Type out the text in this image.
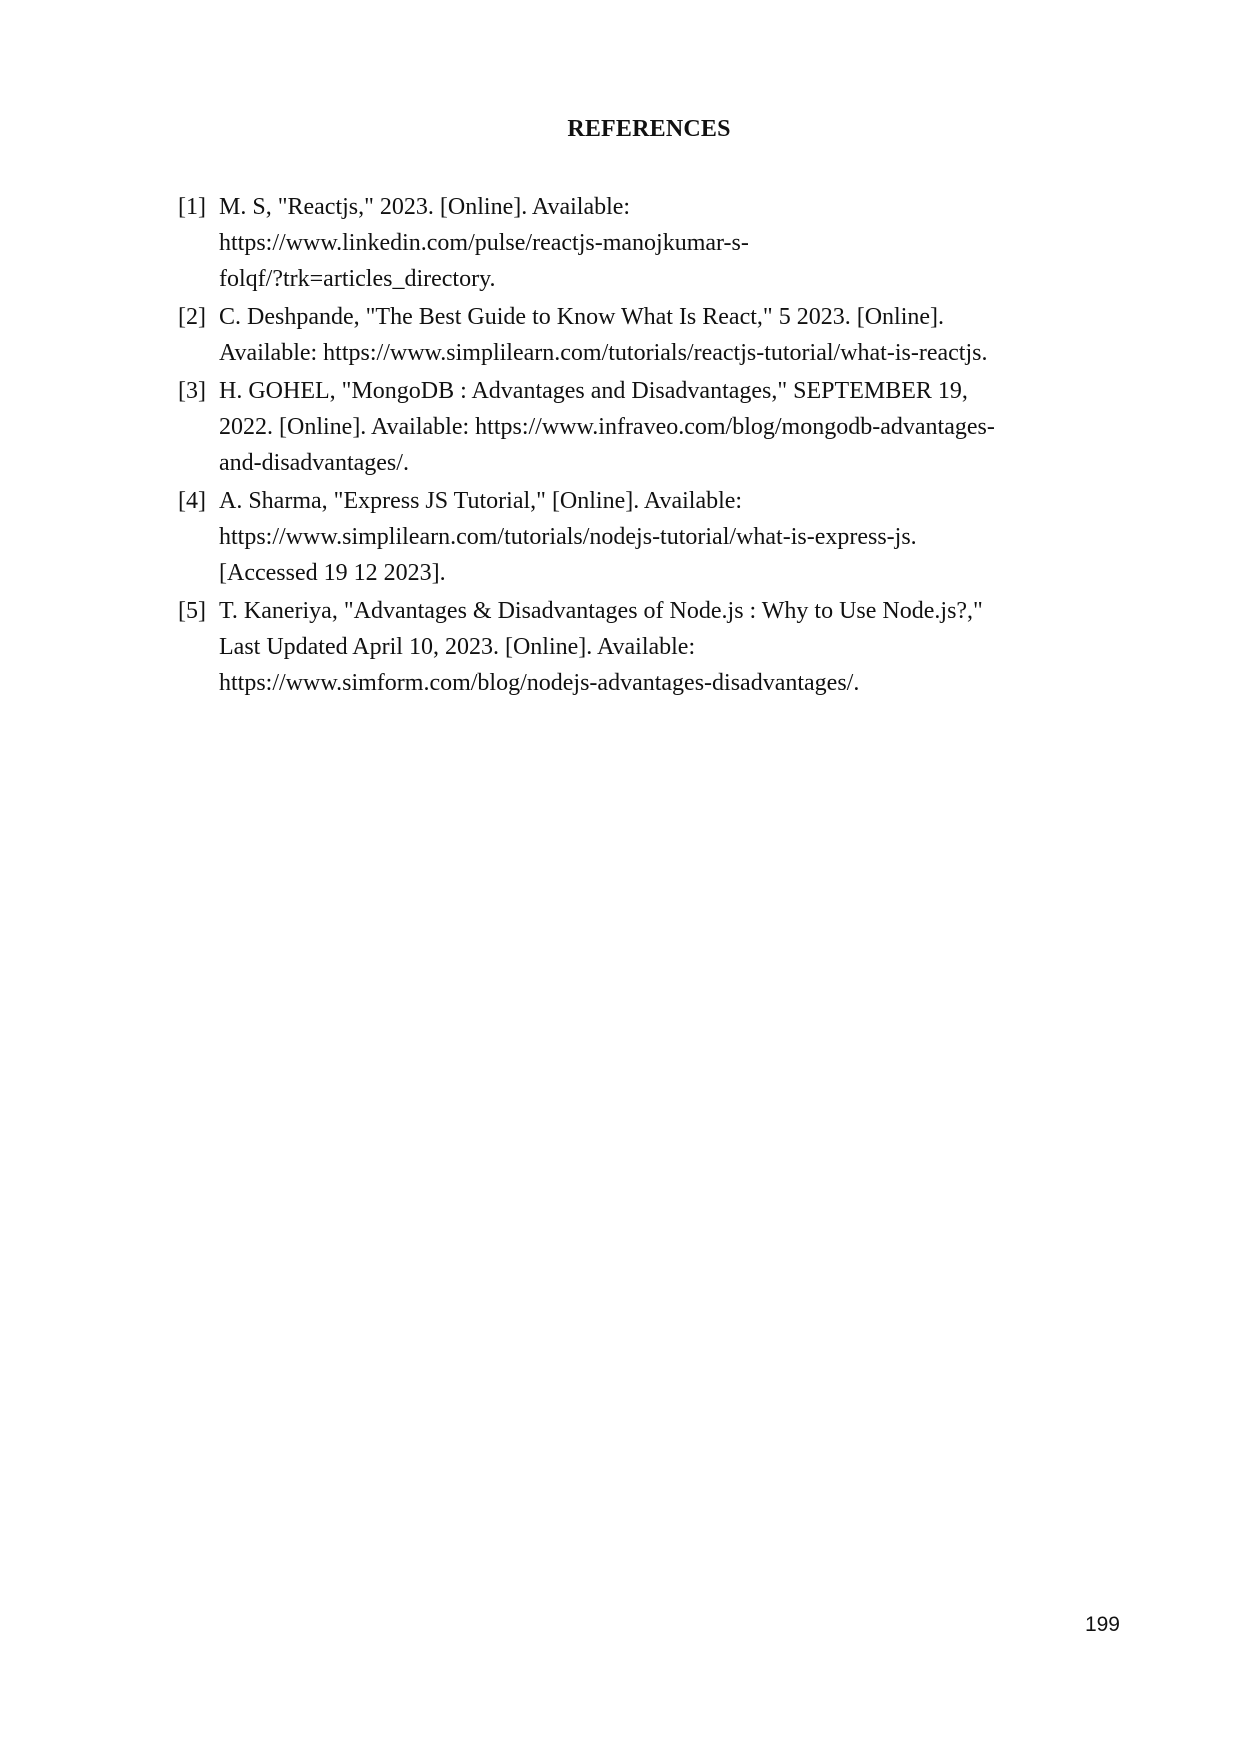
REFERENCES
[1] M. S, "Reactjs," 2023. [Online]. Available:
https://www.linkedin.com/pulse/reactjs-manojkumar-s-
folqf/?trk=articles_directory.
[2] C. Deshpande, "The Best Guide to Know What Is React," 5 2023. [Online].
Available: https://www.simplilearn.com/tutorials/reactjs-tutorial/what-is-reactjs.
[3] H. GOHEL, "MongoDB : Advantages and Disadvantages," SEPTEMBER 19,
2022. [Online]. Available: https://www.infraveo.com/blog/mongodb-advantages-
and-disadvantages/.
[4] A. Sharma, "Express JS Tutorial," [Online]. Available:
https://www.simplilearn.com/tutorials/nodejs-tutorial/what-is-express-js.
[Accessed 19 12 2023].
[5] T. Kaneriya, "Advantages & Disadvantages of Node.js : Why to Use Node.js?,"
Last Updated April 10, 2023. [Online]. Available:
https://www.simform.com/blog/nodejs-advantages-disadvantages/.
199
